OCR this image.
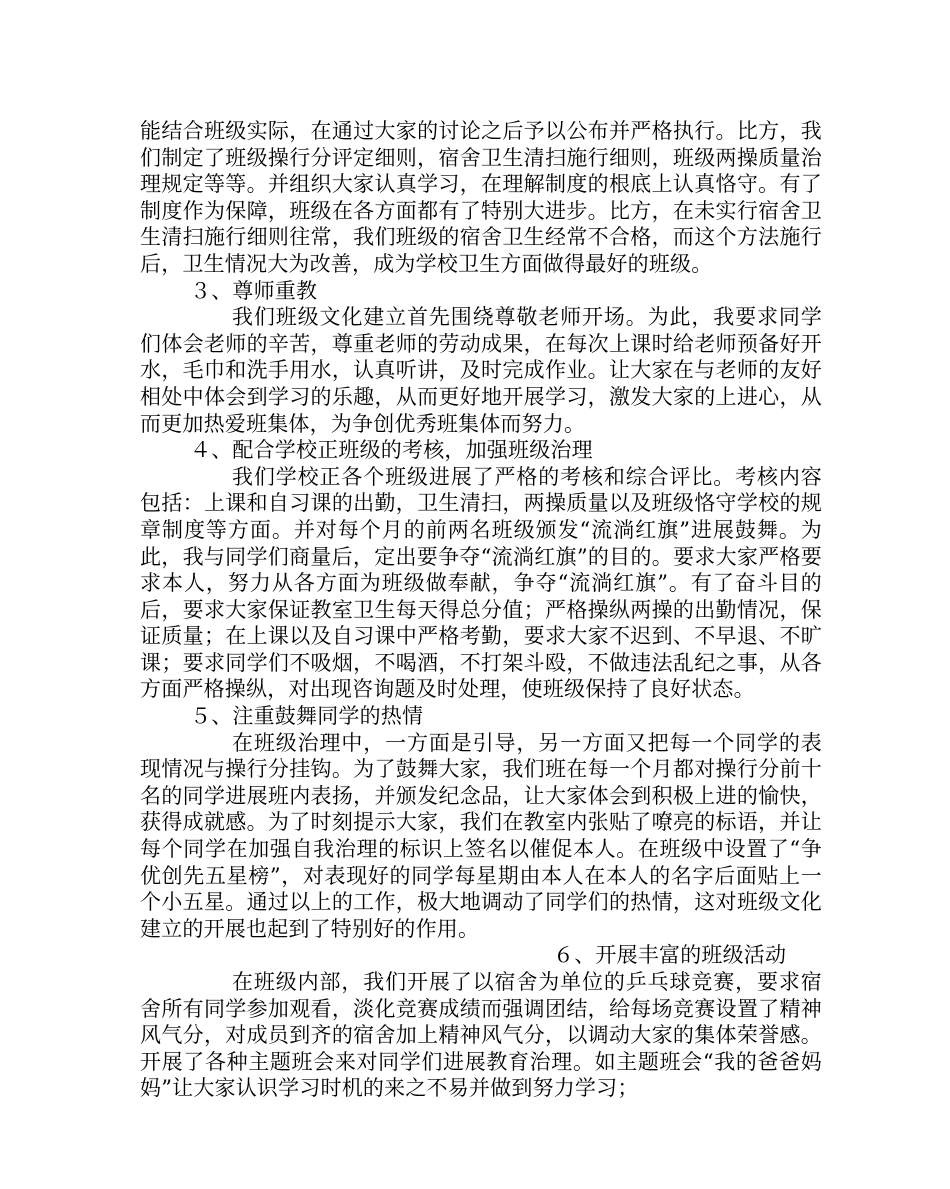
能结合班级实际，在通过大家的讨论之后予以公布并严格执行。比方，我们制定了班级操行分评定细则，宿舍卫生清扫施行细则，班级两操质量治理规定等等。并组织大家认真学习，在理解制度的根底上认真恪守。有了制度作为保障，班级在各方面都有了特别大进步。比方，在未实行宿舍卫生清扫施行细则往常，我们班级的宿舍卫生经常不合格，而这个方法施行后，卫生情况大为改善，成为学校卫生方面做得最好的班级。

３、尊师重教

我们班级文化建立首先围绕尊敬老师开场。为此，我要求同学们体会老师的辛苦，尊重老师的劳动成果，在每次上课时给老师预备好开水，毛巾和洗手用水，认真听讲，及时完成作业。让大家在与老师的友好相处中体会到学习的乐趣，从而更好地开展学习，激发大家的上进心，从而更加热爱班集体，为争创优秀班集体而努力。

４、配合学校正班级的考核，加强班级治理

我们学校正各个班级进展了严格的考核和综合评比。考核内容包括：上课和自习课的出勤，卫生清扫，两操质量以及班级恪守学校的规章制度等方面。并对每个月的前两名班级颁发“流淌红旗”进展鼓舞。为此，我与同学们商量后，定出要争夺“流淌红旗”的目的。要求大家严格要求本人，努力从各方面为班级做奉献，争夺“流淌红旗”。有了奋斗目的后，要求大家保证教室卫生每天得总分值；严格操纵两操的出勤情况，保证质量；在上课以及自习课中严格考勤，要求大家不迟到、不早退、不旷课；要求同学们不吸烟，不喝酒，不打架斗殴，不做违法乱纪之事，从各方面严格操纵，对出现咨询题及时处理，使班级保持了良好状态。

５、注重鼓舞同学的热情

在班级治理中，一方面是引导，另一方面又把每一个同学的表现情况与操行分挂钩。为了鼓舞大家，我们班在每一个月都对操行分前十名的同学进展班内表扬，并颁发纪念品，让大家体会到积极上进的愉快，获得成就感。为了时刻提示大家，我们在教室内张贴了嘹亮的标语，并让每个同学在加强自我治理的标识上签名以催促本人。在班级中设置了“争优创先五星榜”，对表现好的同学每星期由本人在本人的名字后面贴上一个小五星。通过以上的工作，极大地调动了同学们的热情，这对班级文化建立的开展也起到了特别好的作用。

６、开展丰富的班级活动

在班级内部，我们开展了以宿舍为单位的乒乓球竞赛，要求宿舍所有同学参加观看，淡化竞赛成绩而强调团结，给每场竞赛设置了精神风气分，对成员到齐的宿舍加上精神风气分，以调动大家的集体荣誉感。开展了各种主题班会来对同学们进展教育治理。如主题班会“我的爸爸妈妈”让大家认识学习时机的来之不易并做到努力学习；
